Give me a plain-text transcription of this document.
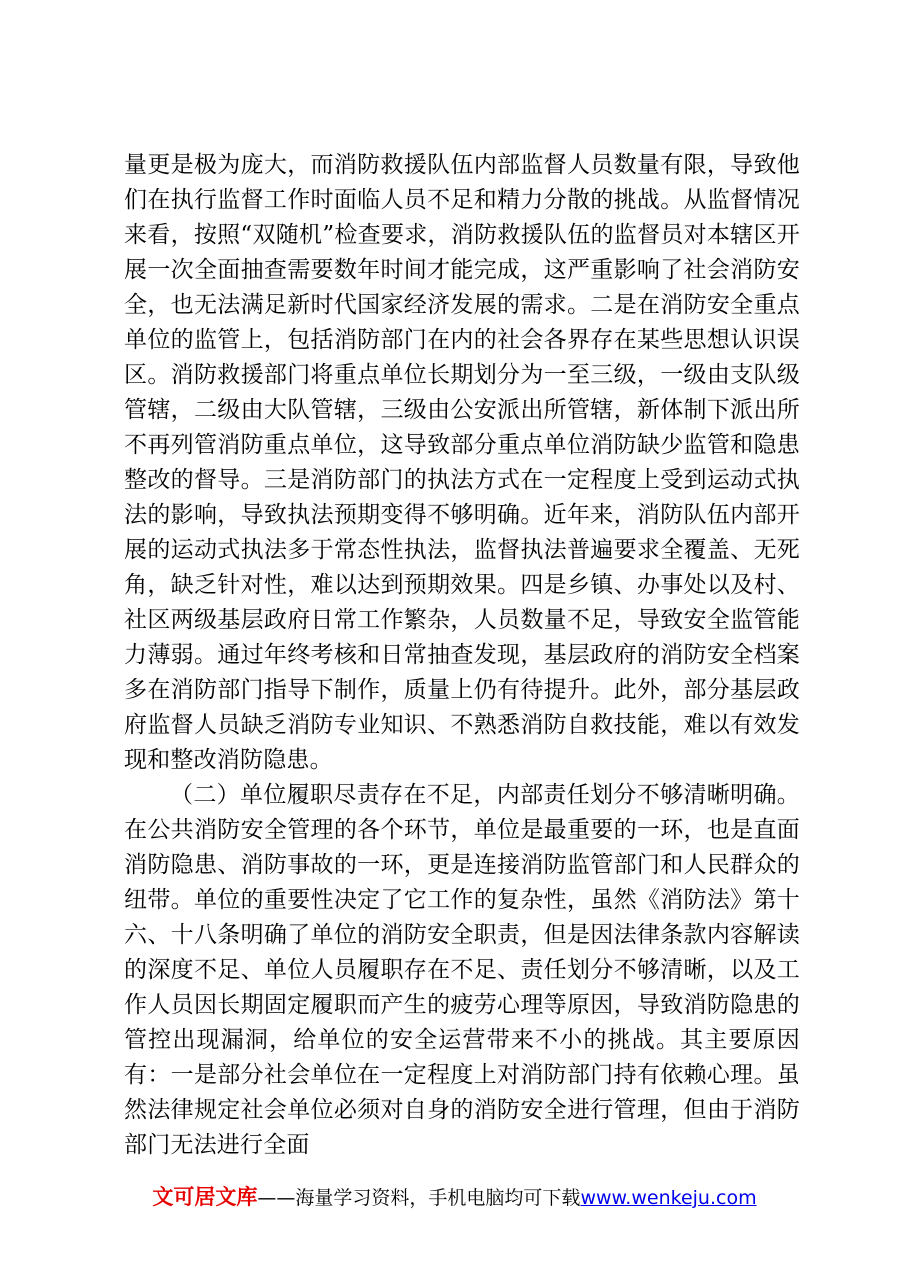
量更是极为庞大，而消防救援队伍内部监督人员数量有限，导致他们在执行监督工作时面临人员不足和精力分散的挑战。从监督情况来看，按照“双随机”检查要求，消防救援队伍的监督员对本辖区开展一次全面抽查需要数年时间才能完成，这严重影响了社会消防安全，也无法满足新时代国家经济发展的需求。二是在消防安全重点单位的监管上，包括消防部门在内的社会各界存在某些思想认识误区。消防救援部门将重点单位长期划分为一至三级，一级由支队级管辖，二级由大队管辖，三级由公安派出所管辖，新体制下派出所不再列管消防重点单位，这导致部分重点单位消防缺少监管和隐患整改的督导。三是消防部门的执法方式在一定程度上受到运动式执法的影响，导致执法预期变得不够明确。近年来，消防队伍内部开展的运动式执法多于常态性执法，监督执法普遍要求全覆盖、无死角，缺乏针对性，难以达到预期效果。四是乡镇、办事处以及村、社区两级基层政府日常工作繁杂，人员数量不足，导致安全监管能力薄弱。通过年终考核和日常抽查发现，基层政府的消防安全档案多在消防部门指导下制作，质量上仍有待提升。此外，部分基层政府监督人员缺乏消防专业知识、不熟悉消防自救技能，难以有效发现和整改消防隐患。

（二）单位履职尽责存在不足，内部责任划分不够清晰明确。在公共消防安全管理的各个环节，单位是最重要的一环，也是直面消防隐患、消防事故的一环，更是连接消防监管部门和人民群众的纽带。单位的重要性决定了它工作的复杂性，虽然《消防法》第十六、十八条明确了单位的消防安全职责，但是因法律条款内容解读的深度不足、单位人员履职存在不足、责任划分不够清晰，以及工作人员因长期固定履职而产生的疲劳心理等原因，导致消防隐患的管控出现漏洞，给单位的安全运营带来不小的挑战。其主要原因有：一是部分社会单位在一定程度上对消防部门持有依赖心理。虽然法律规定社会单位必须对自身的消防安全进行管理，但由于消防部门无法进行全面

文可居文库——海量学习资料，手机电脑均可下载www.wenkeju.com
